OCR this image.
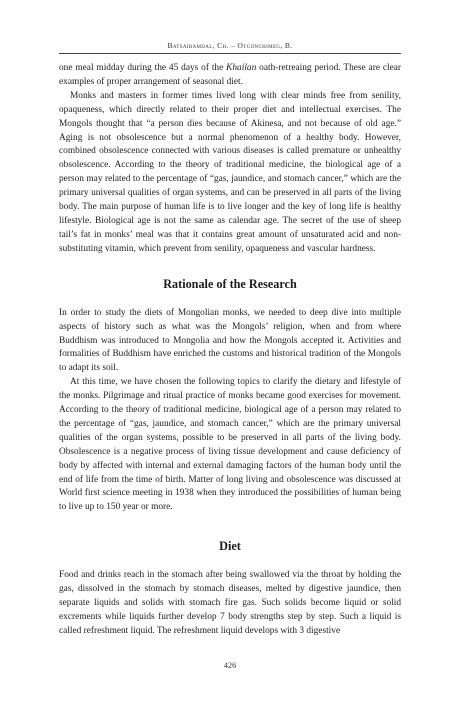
Batsairamdal, Ch. – Otgonchimeg, B.

one meal midday during the 45 days of the Khailan oath-retreaing period. These are clear examples of proper arrangement of seasonal diet.

Monks and masters in former times lived long with clear minds free from senility, opaqueness, which directly related to their proper diet and intellectual exercises. The Mongols thought that “a person dies because of Akinesa, and not because of old age.” Aging is not obsolescence but a normal phenomenon of a healthy body. However, combined obsolescence connected with various diseases is called premature or unhealthy obsolescence. According to the theory of traditional medicine, the biological age of a person may related to the percentage of “gas, jaundice, and stomach cancer,” which are the primary universal qualities of organ systems, and can be preserved in all parts of the living body. The main purpose of human life is to live longer and the key of long life is healthy lifestyle. Biological age is not the same as calendar age. The secret of the use of sheep tail’s fat in monks’ meal was that it contains great amount of unsaturated acid and non-substituting vitamin, which prevent from senility, opaqueness and vascular hardness.

Rationale of the Research

In order to study the diets of Mongolian monks, we needed to deep dive into multiple aspects of history such as what was the Mongols’ religion, when and from where Buddhism was introduced to Mongolia and how the Mongols accepted it. Activities and formalities of Buddhism have enriched the customs and historical tradition of the Mongols to adapt its soil.

At this time, we have chosen the following topics to clarify the dietary and lifestyle of the monks. Pilgrimage and ritual practice of monks became good exercises for movement. According to the theory of traditional medicine, biological age of a person may related to the percentage of “gas, jaundice, and stomach cancer,” which are the primary universal qualities of the organ systems, possible to be preserved in all parts of the living body. Obsolescence is a negative process of living tissue development and cause deficiency of body by affected with internal and external damaging factors of the human body until the end of life from the time of birth. Matter of long living and obsolescence was discussed at World first science meeting in 1938 when they introduced the possibilities of human being to live up to 150 year or more.

Diet

Food and drinks reach in the stomach after being swallowed via the throat by holding the gas, dissolved in the stomach by stomach diseases, melted by digestive jaundice, then separate liquids and solids with stomach fire gas. Such solids become liquid or solid excrements while liquids further develop 7 body strengths step by step. Such a liquid is called refreshment liquid. The refreshment liquid develops with 3 digestive

426
